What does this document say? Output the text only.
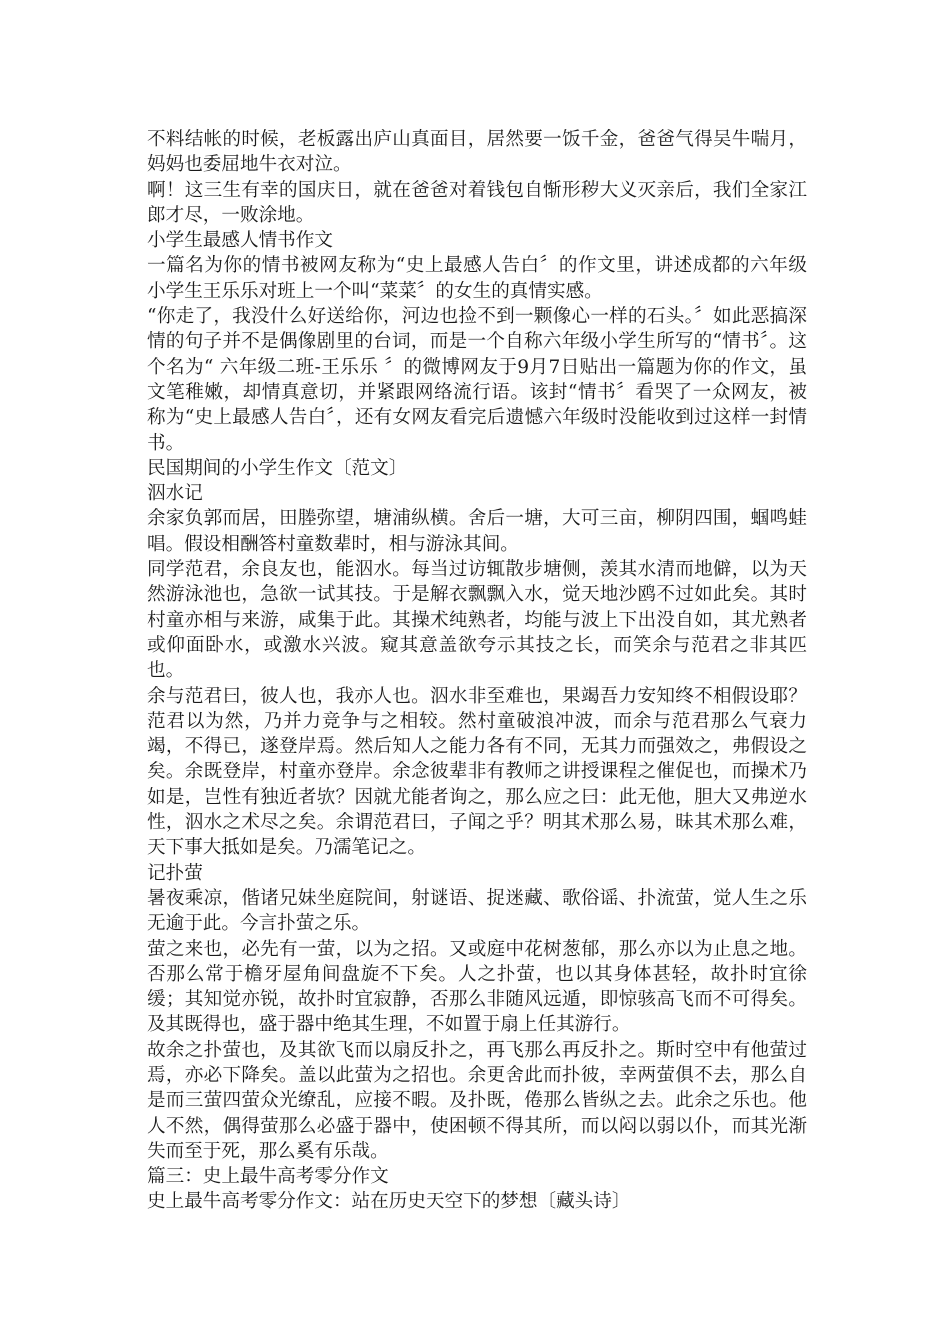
不料结帐的时候，老板露出庐山真面目，居然要一饭千金，爸爸气得吴牛喘月，妈妈也委屈地牛衣对泣。

啊！这三生有幸的国庆日，就在爸爸对着钱包自惭形秽大义灭亲后，我们全家江郎才尽，一败涂地。

小学生最感人情书作文

一篇名为你的情书被网友称为“史上最感人告白〞的作文里，讲述成都的六年级小学生王乐乐对班上一个叫“菜菜〞的女生的真情实感。

“你走了，我没什么好送给你，河边也捡不到一颗像心一样的石头。〞如此恶搞深情的句子并不是偶像剧里的台词，而是一个自称六年级小学生所写的“情书〞。这个名为“ 六年级二班-王乐乐 〞的微博网友于9月7日贴出一篇题为你的作文，虽文笔稚嫩，却情真意切，并紧跟网络流行语。该封“情书〞看哭了一众网友，被称为“史上最感人告白〞，还有女网友看完后遗憾六年级时没能收到过这样一封情书。

民国期间的小学生作文〔范文〕

泅水记

余家负郭而居，田塍弥望，塘浦纵横。舍后一塘，大可三亩，柳阴四围，蝈鸣蛙唱。假设相酬答村童数辈时，相与游泳其间。

同学范君，余良友也，能泅水。每当过访辄散步塘侧，羡其水清而地僻，以为天然游泳池也，急欲一试其技。于是解衣飘飘入水，觉天地沙鸥不过如此矣。其时村童亦相与来游，咸集于此。其操术纯熟者，均能与波上下出没自如，其尤熟者或仰面卧水，或激水兴波。窥其意盖欲夸示其技之长，而笑余与范君之非其匹也。

余与范君曰，彼人也，我亦人也。泅水非至难也，果竭吾力安知终不相假设耶？范君以为然，乃并力竞争与之相较。然村童破浪冲波，而余与范君那么气衰力竭，不得已，遂登岸焉。然后知人之能力各有不同，无其力而强效之，弗假设之矣。余既登岸，村童亦登岸。余念彼辈非有教师之讲授课程之催促也，而操术乃如是，岂性有独近者欤？因就尤能者询之，那么应之曰：此无他，胆大又弗逆水性，泅水之术尽之矣。余谓范君曰，子闻之乎？明其术那么易，昧其术那么难，天下事大抵如是矣。乃濡笔记之。

记扑萤

暑夜乘凉，偕诸兄妹坐庭院间，射谜语、捉迷藏、歌俗谣、扑流萤，觉人生之乐无逾于此。今言扑萤之乐。

萤之来也，必先有一萤，以为之招。又或庭中花树葱郁，那么亦以为止息之地。否那么常于檐牙屋角间盘旋不下矣。人之扑萤，也以其身体甚轻，故扑时宜徐缓；其知觉亦锐，故扑时宜寂静，否那么非随风远遁，即惊骇高飞而不可得矣。及其既得也，盛于器中绝其生理，不如置于扇上任其游行。

故余之扑萤也，及其欲飞而以扇反扑之，再飞那么再反扑之。斯时空中有他萤过焉，亦必下降矣。盖以此萤为之招也。余更舍此而扑彼，幸两萤俱不去，那么自是而三萤四萤众光缭乱，应接不暇。及扑既，倦那么皆纵之去。此余之乐也。他人不然，偶得萤那么必盛于器中，使困顿不得其所，而以闷以弱以仆，而其光渐失而至于死，那么奚有乐哉。

篇三：史上最牛高考零分作文

史上最牛高考零分作文：站在历史天空下的梦想〔藏头诗〕
